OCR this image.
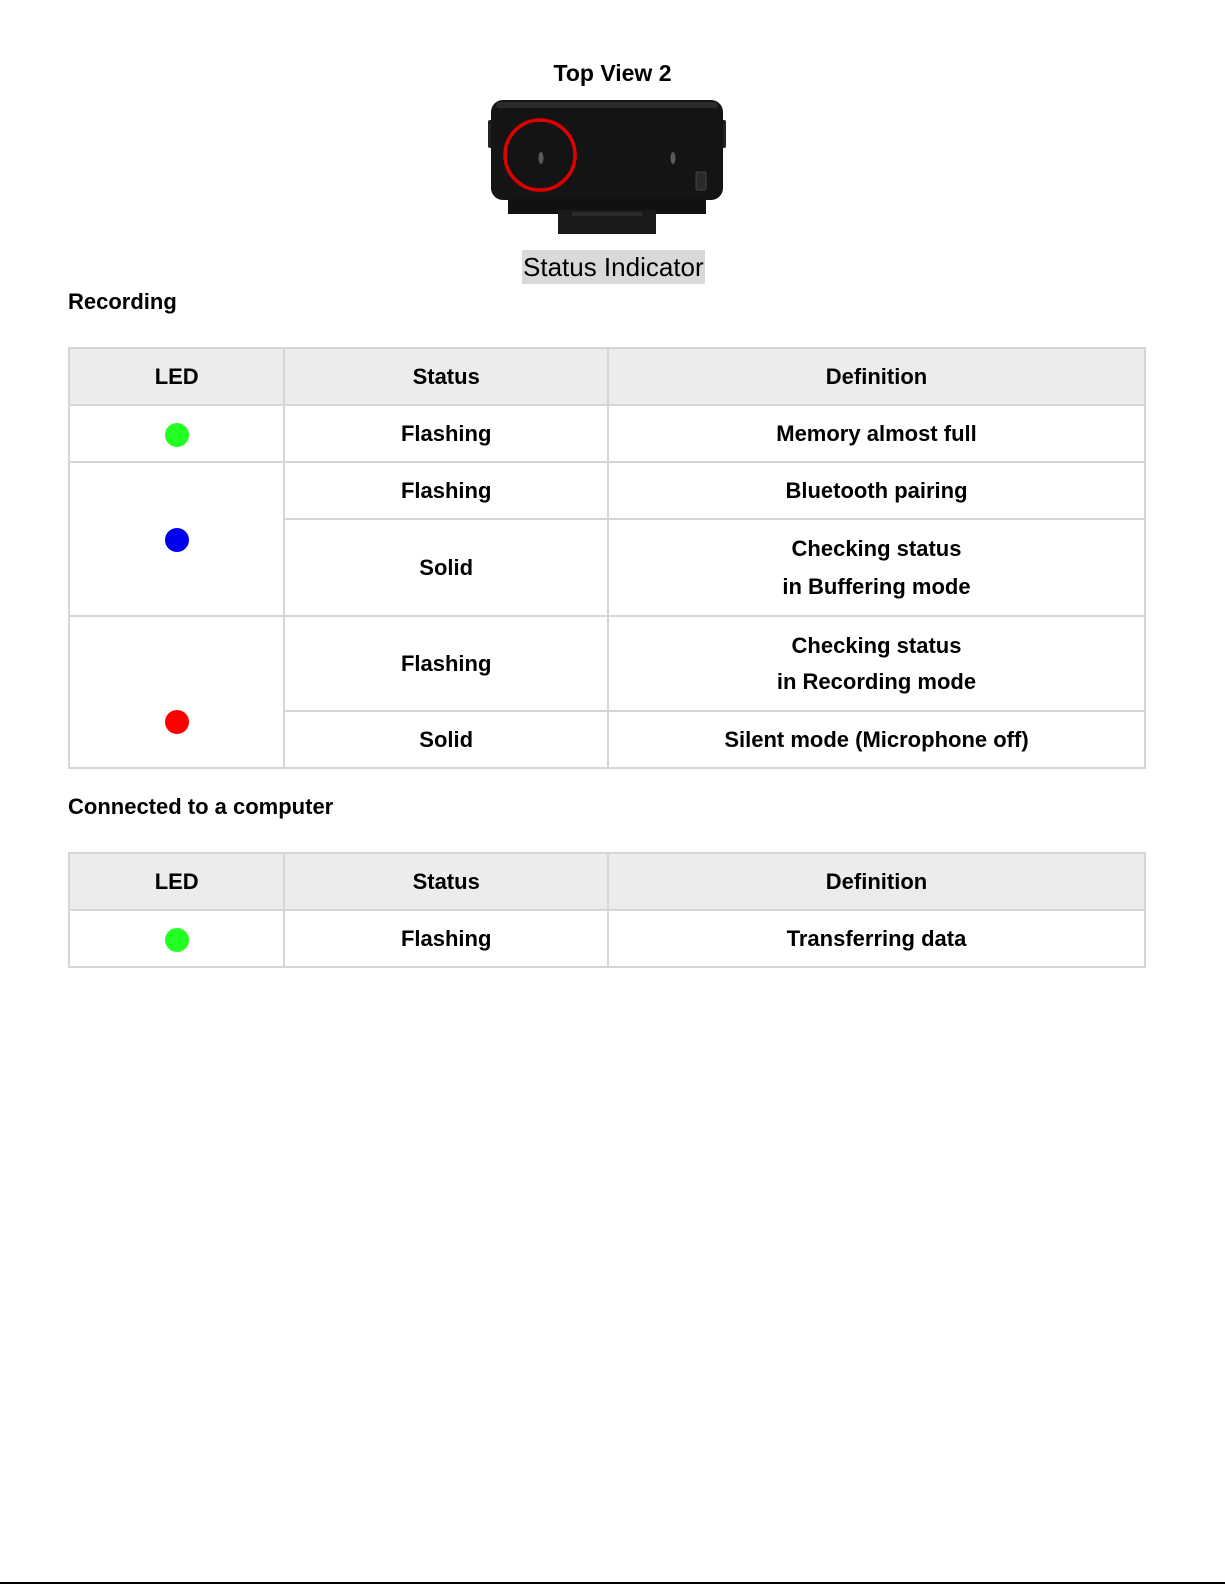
Top View 2
Status Indicator
Recording
LED	Status	Definition
	Flashing	Memory almost full

	Flashing	Bluetooth pairing

	Solid	Checking status
in Buffering mode

	Flashing	Checking status
in Recording mode

	Solid	Silent mode (Microphone off)
Connected to a computer
LED	Status	Definition
	Flashing	Transferring data
